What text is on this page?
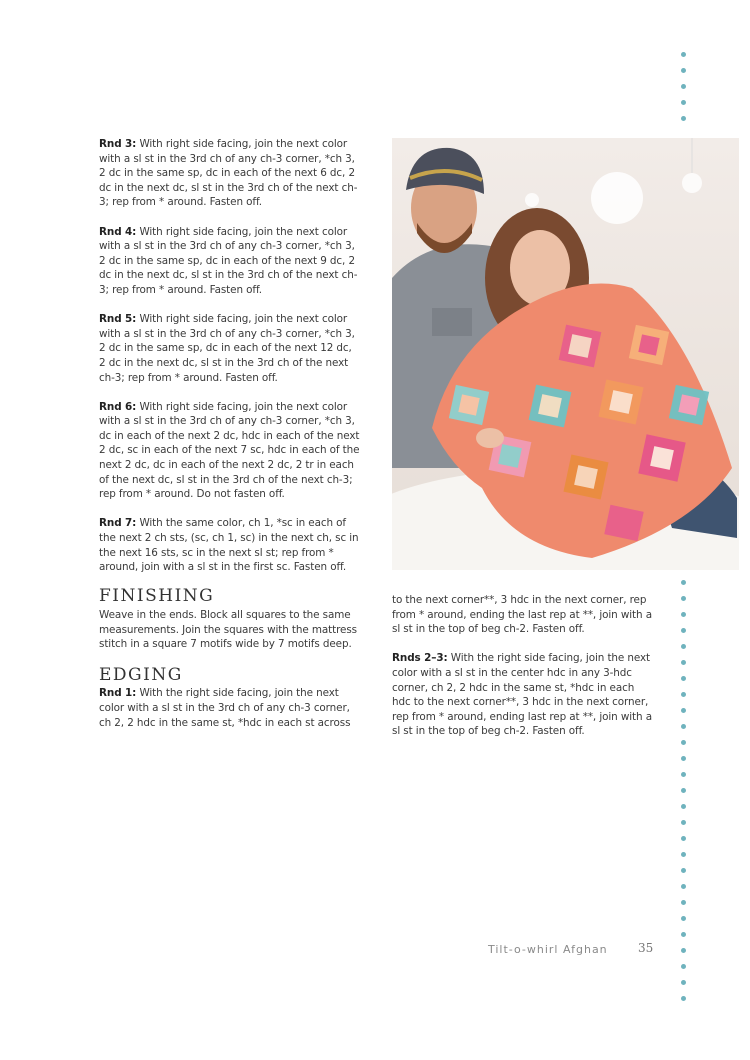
Rnd 3: With right side facing, join the next color with a sl st in the 3rd ch of any ch-3 corner, *ch 3, 2 dc in the same sp, dc in each of the next 6 dc, 2 dc in the next dc, sl st in the 3rd ch of the next ch-3; rep from * around. Fasten off.

Rnd 4: With right side facing, join the next color with a sl st in the 3rd ch of any ch-3 corner, *ch 3, 2 dc in the same sp, dc in each of the next 9 dc, 2 dc in the next dc, sl st in the 3rd ch of the next ch-3; rep from * around. Fasten off.

Rnd 5: With right side facing, join the next color with a sl st in the 3rd ch of any ch-3 corner, *ch 3, 2 dc in the same sp, dc in each of the next 12 dc, 2 dc in the next dc, sl st in the 3rd ch of the next ch-3; rep from * around. Fasten off.

Rnd 6: With right side facing, join the next color with a sl st in the 3rd ch of any ch-3 corner, *ch 3, dc in each of the next 2 dc, hdc in each of the next 2 dc, sc in each of the next 7 sc, hdc in each of the next 2 dc, dc in each of the next 2 dc, 2 tr in each of the next dc, sl st in the 3rd ch of the next ch-3; rep from * around. Do not fasten off.

Rnd 7: With the same color, ch 1, *sc in each of the next 2 ch sts, (sc, ch 1, sc) in the next ch, sc in the next 16 sts, sc in the next sl st; rep from * around, join with a sl st in the first sc. Fasten off.

FINISHING

Weave in the ends. Block all squares to the same measurements. Join the squares with the mattress stitch in a square 7 motifs wide by 7 motifs deep.

EDGING

Rnd 1: With the right side facing, join the next color with a sl st in the 3rd ch of any ch-3 corner, ch 2, 2 hdc in the same st, *hdc in each st across

to the next corner**, 3 hdc in the next corner, rep from * around, ending the last rep at **, join with a sl st in the top of beg ch-2. Fasten off.

Rnds 2–3: With the right side facing, join the next color with a sl st in the center hdc in any 3-hdc corner, ch 2, 2 hdc in the same st, *hdc in each hdc to the next corner**, 3 hdc in the next corner, rep from * around, ending last rep at **, join with a sl st in the top of beg ch-2. Fasten off.

Tilt-o-whirl Afghan	35
